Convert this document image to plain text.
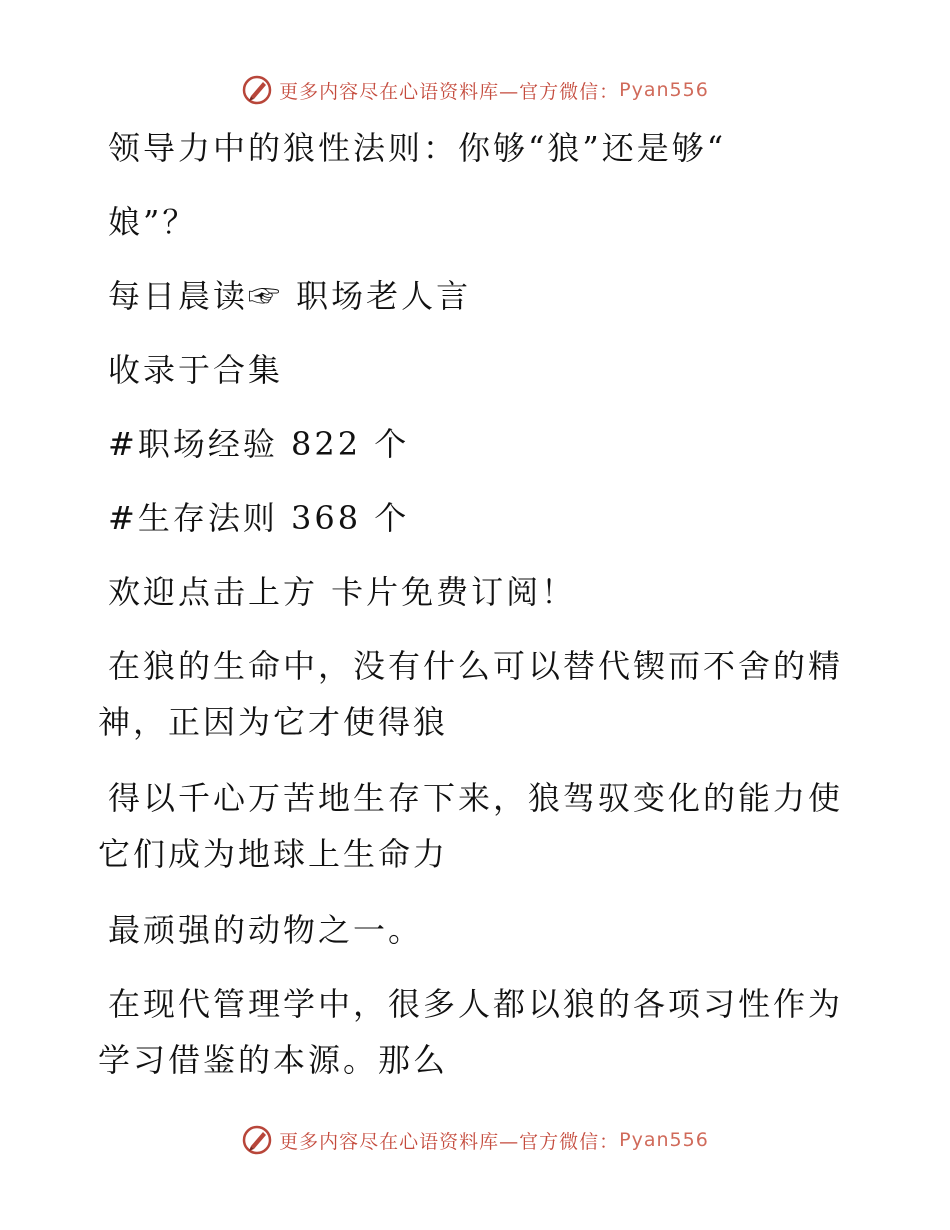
更多内容尽在心语资料库—官方微信： Pyan556
领导力中的狼性法则：你够“狼”还是够“
娘”？
每日晨读☞ 职场老人言
收录于合集
#职场经验 822 个
#生存法则 368 个
欢迎点击上方 卡片免费订阅！
在狼的生命中，没有什么可以替代锲而不舍的精
神，正因为它才使得狼
得以千心万苦地生存下来，狼驾驭变化的能力使
它们成为地球上生命力
最顽强的动物之一。
在现代管理学中，很多人都以狼的各项习性作为
学习借鉴的本源。那么
更多内容尽在心语资料库—官方微信： Pyan556
